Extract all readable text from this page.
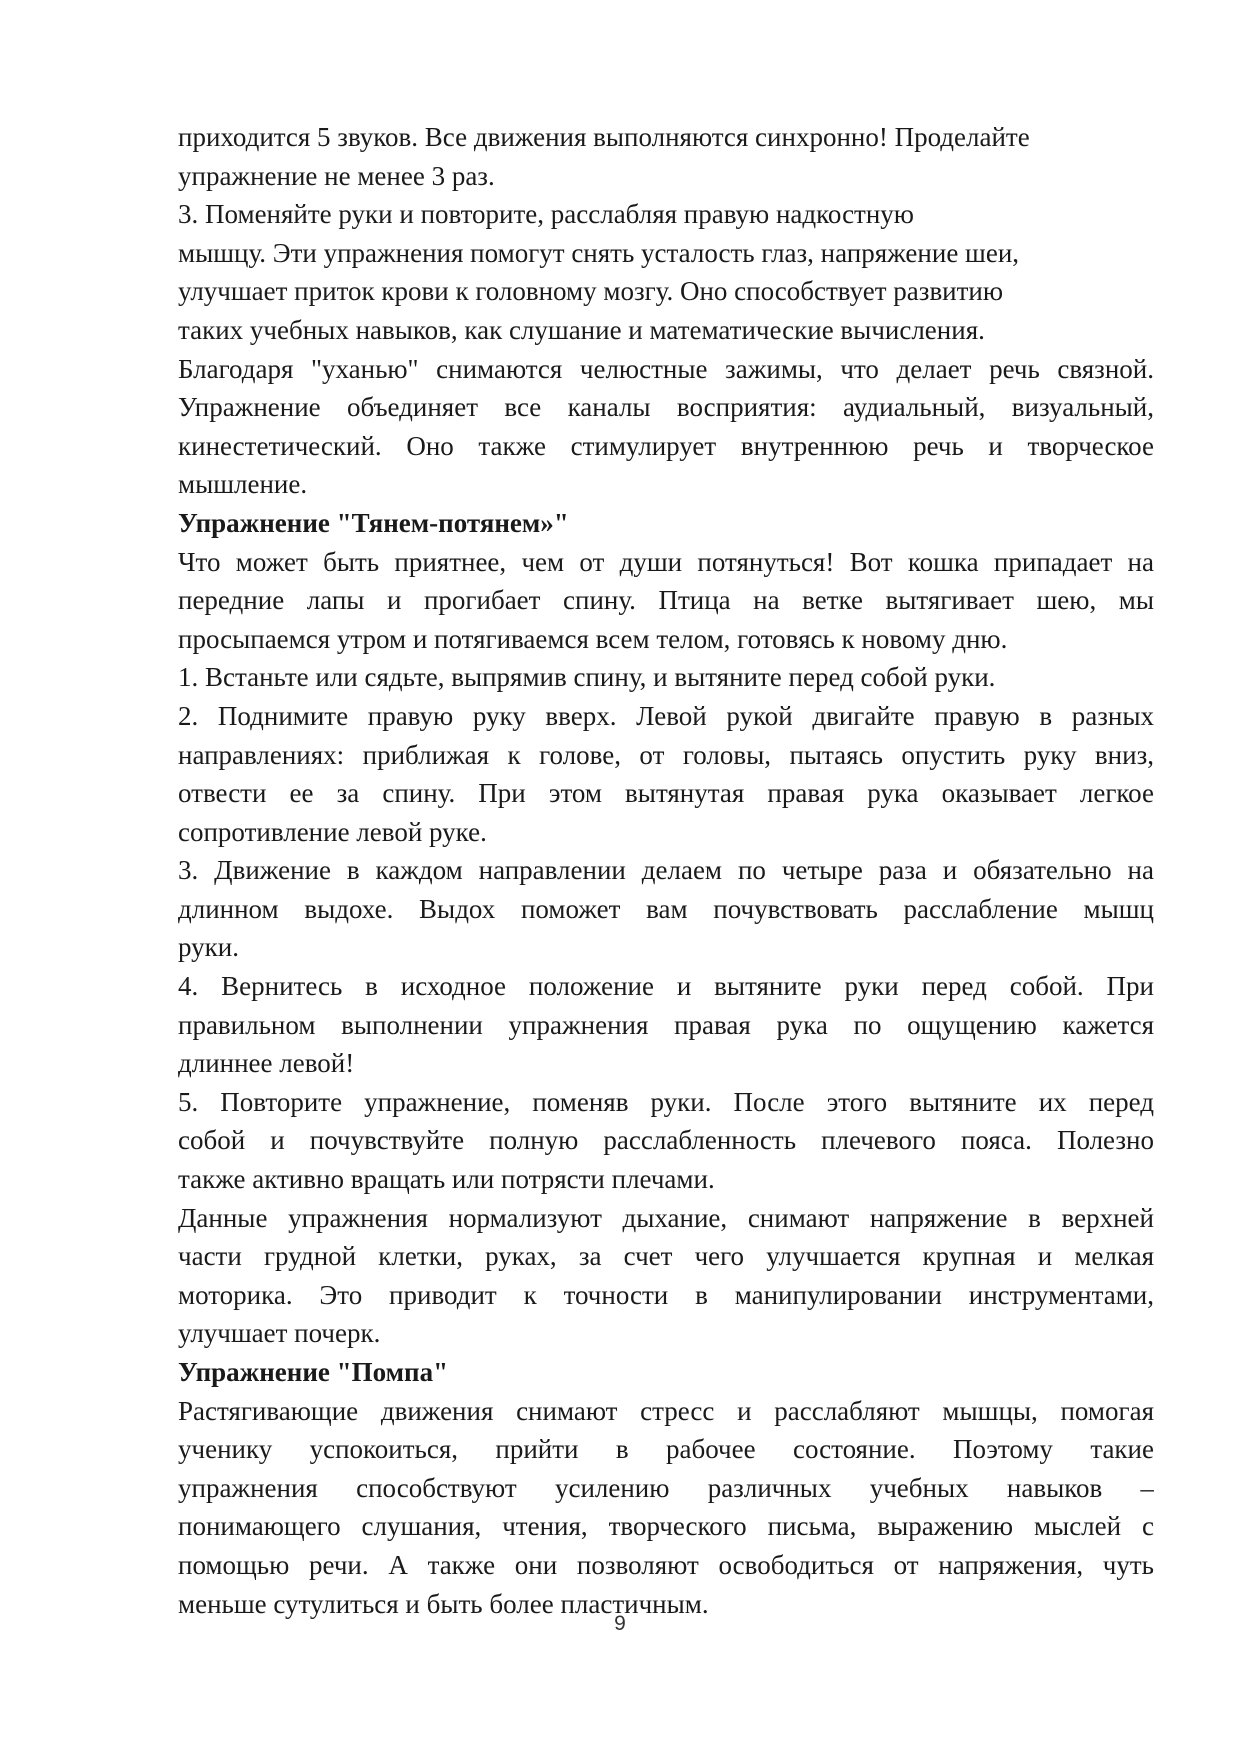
приходится 5 звуков. Все движения выполняются синхронно! Проделайте
упражнение не менее 3 раз.
3. Поменяйте руки и повторите, расслабляя правую надкостную
мышцу. Эти упражнения помогут снять усталость глаз, напряжение шеи,
улучшает приток крови к головному мозгу. Оно способствует развитию
таких учебных навыков, как слушание и математические вычисления.
Благодаря "уханью" снимаются челюстные зажимы, что делает речь связной.
Упражнение объединяет все каналы восприятия: аудиальный, визуальный,
кинестетический. Оно также стимулирует внутреннюю речь и творческое
мышление.
Упражнение "Тянем-потянем»"
Что может быть приятнее, чем от души потянуться! Вот кошка припадает на
передние лапы и прогибает спину. Птица на ветке вытягивает шею, мы
просыпаемся утром и потягиваемся всем телом, готовясь к новому дню.
1. Встаньте или сядьте, выпрямив спину, и вытяните перед собой руки.
2. Поднимите правую руку вверх. Левой рукой двигайте правую в разных
направлениях: приближая к голове, от головы, пытаясь опустить руку вниз,
отвести ее за спину. При этом вытянутая правая рука оказывает легкое
сопротивление левой руке.
3. Движение в каждом направлении делаем по четыре раза и обязательно на
длинном выдохе. Выдох поможет вам почувствовать расслабление мышц
руки.
4. Вернитесь в исходное положение и вытяните руки перед собой. При
правильном выполнении упражнения правая рука по ощущению кажется
длиннее левой!
5. Повторите упражнение, поменяв руки. После этого вытяните их перед
собой и почувствуйте полную расслабленность плечевого пояса. Полезно
также активно вращать или потрясти плечами.
Данные упражнения нормализуют дыхание, снимают напряжение в верхней
части грудной клетки, руках, за счет чего улучшается крупная и мелкая
моторика. Это приводит к точности в манипулировании инструментами,
улучшает почерк.
Упражнение "Помпа"
Растягивающие движения снимают стресс и расслабляют мышцы, помогая
ученику успокоиться, прийти в рабочее состояние. Поэтому такие
упражнения способствуют усилению различных учебных навыков –
понимающего слушания, чтения, творческого письма, выражению мыслей с
помощью речи. А также они позволяют освободиться от напряжения, чуть
меньше сутулиться и быть более пластичным.
9
